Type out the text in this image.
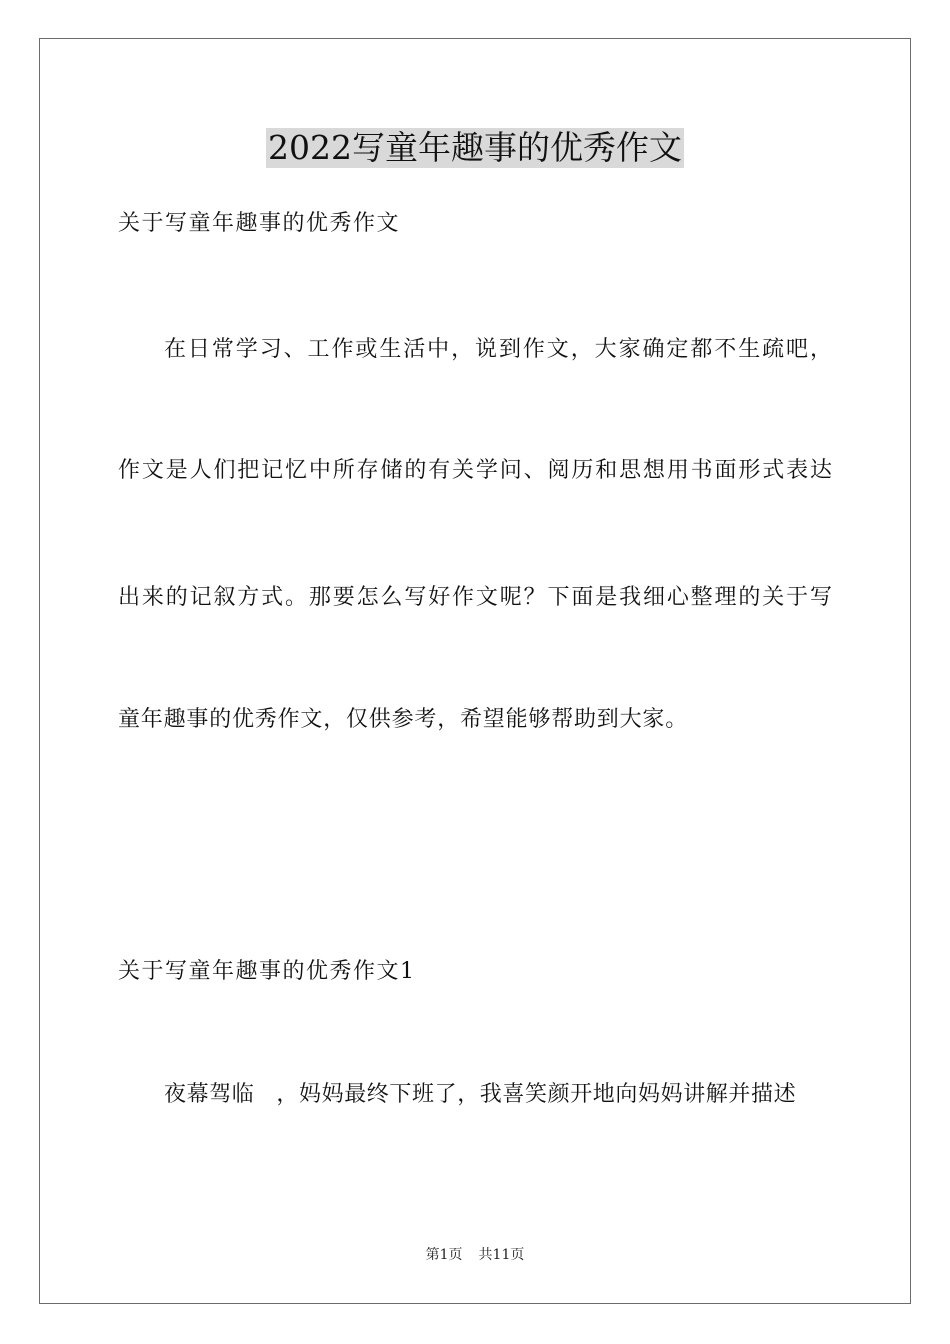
2022写童年趣事的优秀作文
关于写童年趣事的优秀作文
在日常学习、工作或生活中，说到作文，大家确定都不生疏吧，
作文是人们把记忆中所存储的有关学问、阅历和思想用书面形式表达
出来的记叙方式。那要怎么写好作文呢？下面是我细心整理的关于写
童年趣事的优秀作文，仅供参考，希望能够帮助到大家。
关于写童年趣事的优秀作文1
夜幕驾临 ，妈妈最终下班了，我喜笑颜开地向妈妈讲解并描述
第1页 共11页
